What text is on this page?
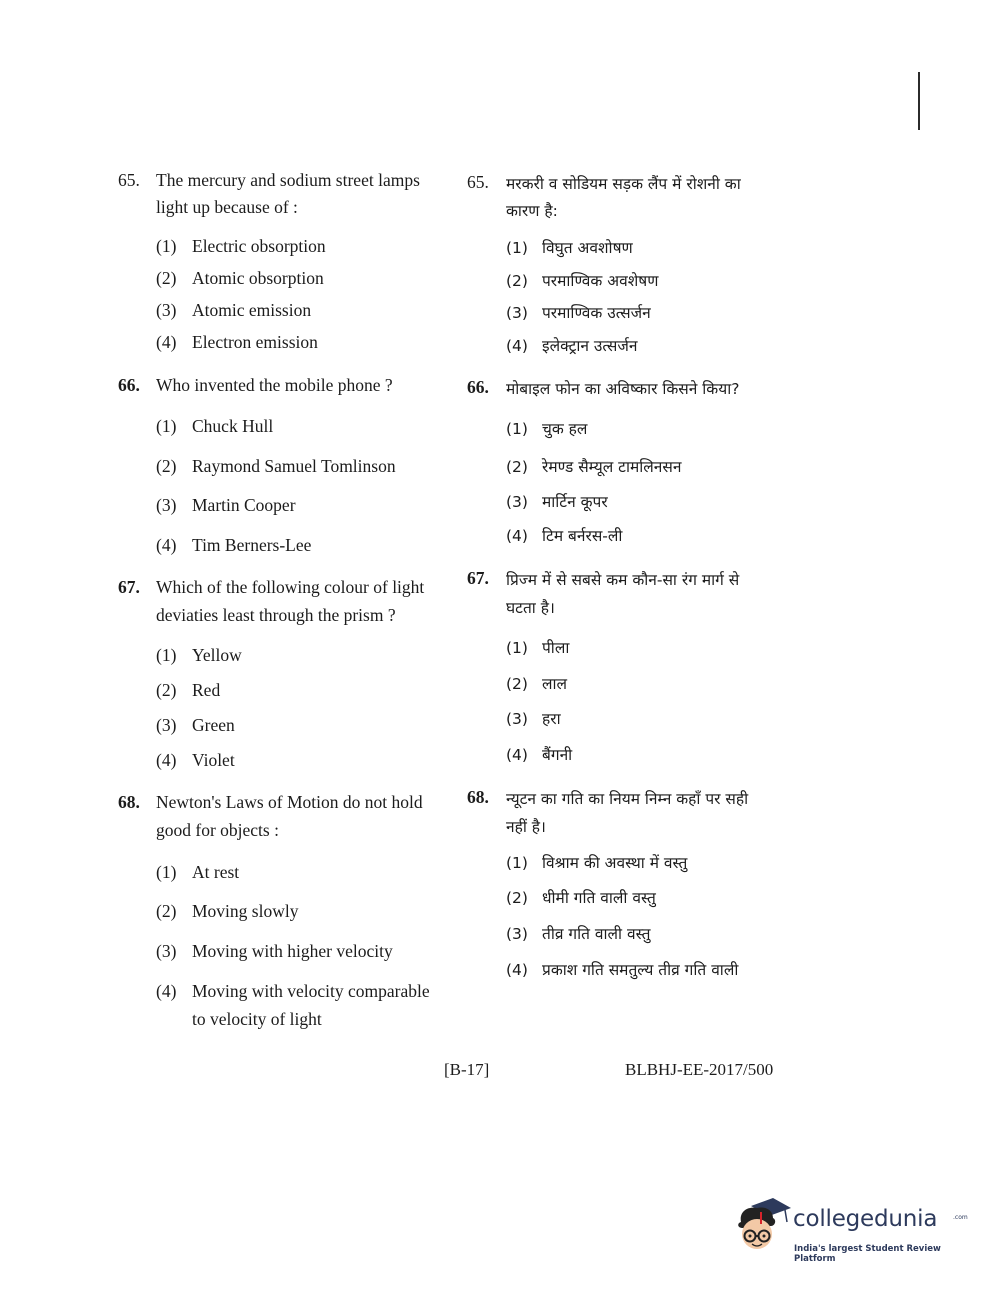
65. The mercury and sodium street lamps
light up because of :
(1) Electric obsorption
(2) Atomic obsorption
(3) Atomic emission
(4) Electron emission
65. मरकरी व सोडियम सड़क लैंप में रोशनी का
कारण है:
(1) विघुत अवशोषण
(2) परमाण्विक अवशेषण
(3) परमाण्विक उत्सर्जन
(4) इलेक्ट्रान उत्सर्जन
66. Who invented the mobile phone ?
(1) Chuck Hull
(2) Raymond Samuel Tomlinson
(3) Martin Cooper
(4) Tim Berners-Lee
66. मोबाइल फोन का अविष्कार किसने किया?
(1) चुक हल
(2) रेमण्ड सैम्यूल टामलिनसन
(3) मार्टिन कूपर
(4) टिम बर्नरस-ली
67. Which of the following colour of light
deviaties least through the prism ?
(1) Yellow
(2) Red
(3) Green
(4) Violet
67. प्रिज्म में से सबसे कम कौन-सा रंग मार्ग से
घटता है।
(1) पीला
(2) लाल
(3) हरा
(4) बैंगनी
68. Newton's Laws of Motion do not hold
good for objects :
(1) At rest
(2) Moving slowly
(3) Moving with higher velocity
(4) Moving with velocity comparable
to velocity of light
68. न्यूटन का गति का नियम निम्न कहाँ पर सही
नहीं है।
(1) विश्राम की अवस्था में वस्तु
(2) धीमी गति वाली वस्तु
(3) तीव्र गति वाली वस्तु
(4) प्रकाश गति समतुल्य तीव्र गति वाली
[B-17]	BLBHJ-EE-2017/500
collegedunia	.com
India's largest Student Review Platform
